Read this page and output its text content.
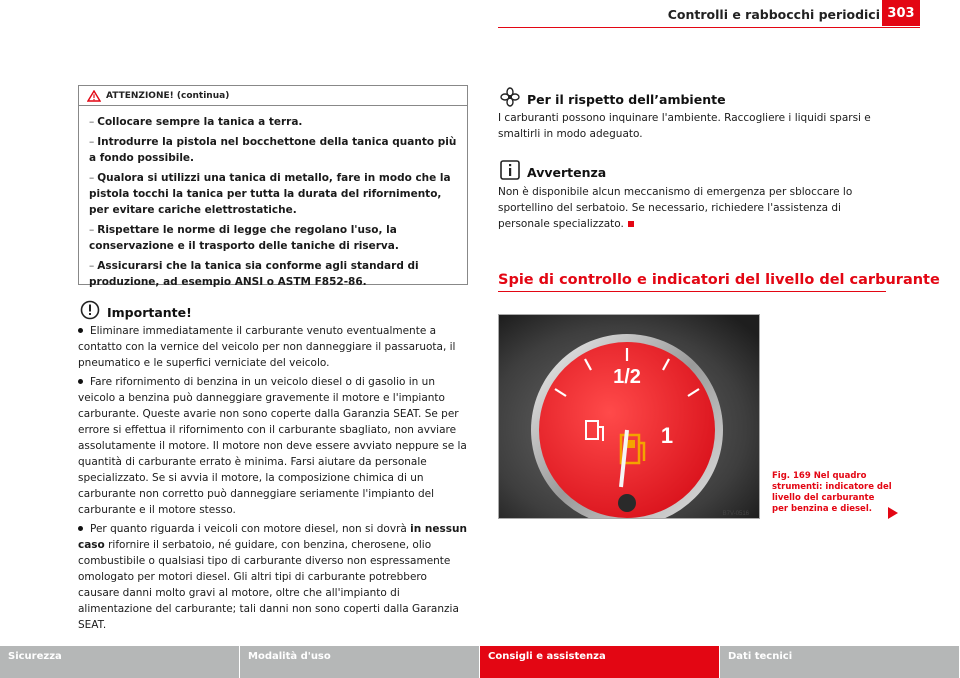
Controlli e rabbocchi periodici 303
ATTENZIONE! (continua)
– Collocare sempre la tanica a terra.
– Introdurre la pistola nel bocchettone della tanica quanto più a fondo possibile.
– Qualora si utilizzi una tanica di metallo, fare in modo che la pistola tocchi la tanica per tutta la durata del rifornimento, per evitare cariche elettrostatiche.
– Rispettare le norme di legge che regolano l'uso, la conservazione e il trasporto delle taniche di riserva.
– Assicurarsi che la tanica sia conforme agli standard di produzione, ad esempio ANSI o ASTM F852-86.
Importante!
Eliminare immediatamente il carburante venuto eventualmente a contatto con la vernice del veicolo per non danneggiare il passaruota, il pneumatico e le superfici verniciate del veicolo.
Fare rifornimento di benzina in un veicolo diesel o di gasolio in un veicolo a benzina può danneggiare gravemente il motore e l'impianto carburante. Queste avarie non sono coperte dalla Garanzia SEAT. Se per errore si effettua il rifornimento con il carburante sbagliato, non avviare assolutamente il motore. Il motore non deve essere avviato neppure se la quantità di carburante errato è minima. Farsi aiutare da personale specializzato. Se si avvia il motore, la composizione chimica di un carburante non corretto può danneggiare seriamente l'impianto del carburante e il motore stesso.
Per quanto riguarda i veicoli con motore diesel, non si dovrà in nessun caso rifornire il serbatoio, né guidare, con benzina, cherosene, olio combustibile o qualsiasi tipo di carburante diverso non espressamente omologato per motori diesel. Gli altri tipi di carburante potrebbero causare danni molto gravi al motore, oltre che all'impianto di alimentazione del carburante; tali danni non sono coperti dalla Garanzia SEAT.
Per il rispetto dell’ambiente
I carburanti possono inquinare l'ambiente. Raccogliere i liquidi sparsi e smaltirli in modo adeguato.
Avvertenza
Non è disponibile alcun meccanismo di emergenza per sbloccare lo sportellino del serbatoio. Se necessario, richiedere l'assistenza di personale specializzato.
Spie di controllo e indicatori del livello del carburante
1/2
1
B7V-0516
Fig. 169 Nel quadro strumenti: indicatore del livello del carburante per benzina e diesel.
Sicurezza	Modalità d'uso	Consigli e assistenza	Dati tecnici
